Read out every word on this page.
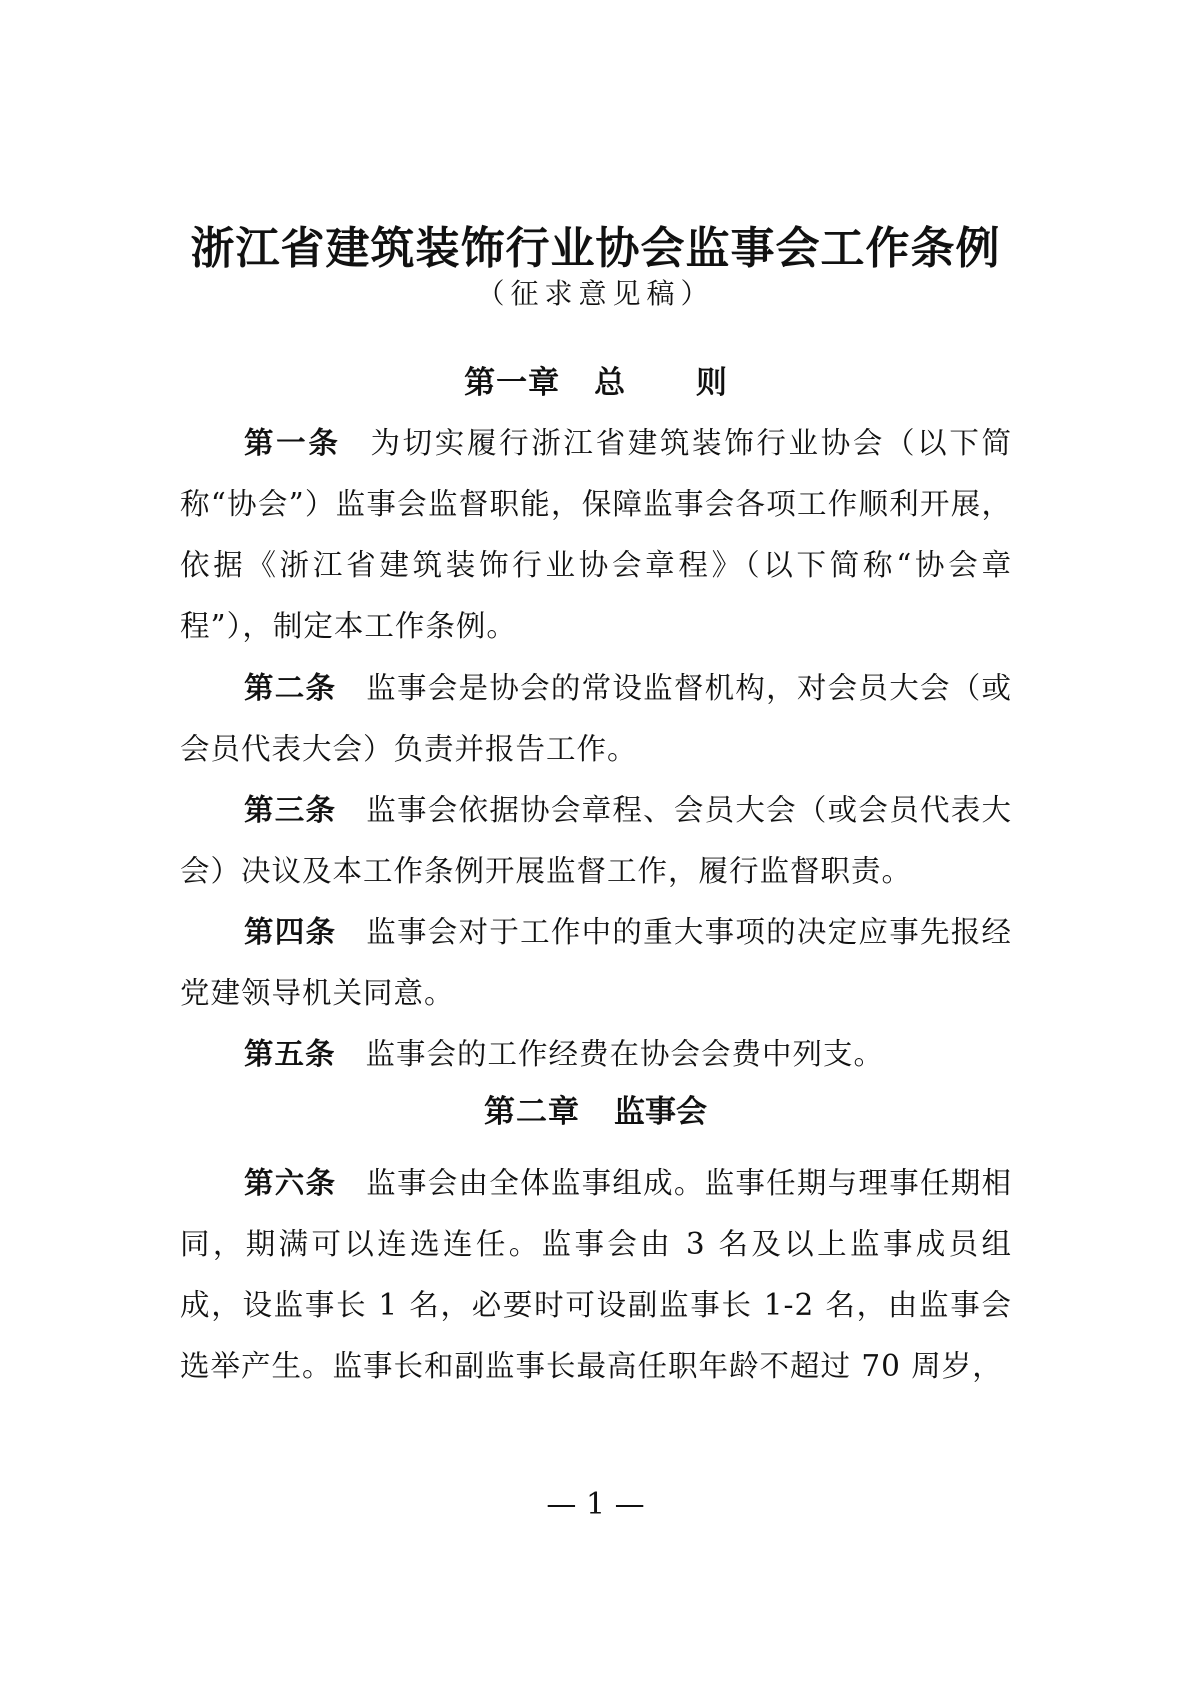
浙江省建筑装饰行业协会监事会工作条例

（征求意见稿）

第一章 总 则

第一条 为切实履行浙江省建筑装饰行业协会（以下简称“协会”）监事会监督职能，保障监事会各项工作顺利开展，依据《浙江省建筑装饰行业协会章程》（以下简称“协会章程”），制定本工作条例。

第二条 监事会是协会的常设监督机构，对会员大会（或会员代表大会）负责并报告工作。

第三条 监事会依据协会章程、会员大会（或会员代表大会）决议及本工作条例开展监督工作，履行监督职责。

第四条 监事会对于工作中的重大事项的决定应事先报经党建领导机关同意。

第五条 监事会的工作经费在协会会费中列支。

第二章 监事会

第六条 监事会由全体监事组成。监事任期与理事任期相同，期满可以连选连任。监事会由 3 名及以上监事成员组成，设监事长 1 名，必要时可设副监事长 1-2 名，由监事会选举产生。监事长和副监事长最高任职年龄不超过 70 周岁，

— 1 —
